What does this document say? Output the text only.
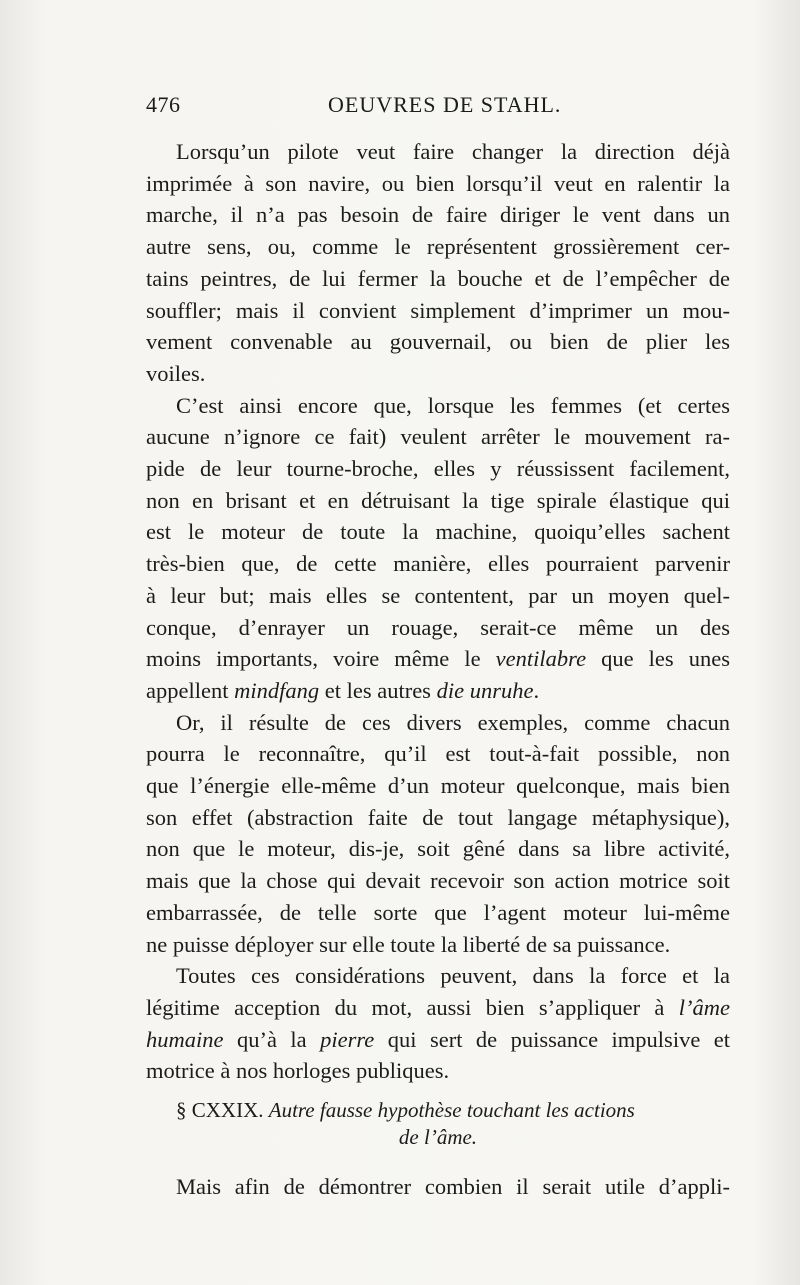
476	OEUVRES DE STAHL.
Lorsqu’un pilote veut faire changer la direction déjà
imprimée à son navire, ou bien lorsqu’il veut en ralentir la
marche, il n’a pas besoin de faire diriger le vent dans un
autre sens, ou, comme le représentent grossièrement cer-
tains peintres, de lui fermer la bouche et de l’empêcher de
souffler; mais il convient simplement d’imprimer un mou-
vement convenable au gouvernail, ou bien de plier les
voiles.
C’est ainsi encore que, lorsque les femmes (et certes
aucune n’ignore ce fait) veulent arrêter le mouvement ra-
pide de leur tourne-broche, elles y réussissent facilement,
non en brisant et en détruisant la tige spirale élastique qui
est le moteur de toute la machine, quoiqu’elles sachent
très-bien que, de cette manière, elles pourraient parvenir
à leur but; mais elles se contentent, par un moyen quel-
conque, d’enrayer un rouage, serait-ce même un des
moins importants, voire même le ventilabre que les unes
appellent mindfang et les autres die unruhe.
Or, il résulte de ces divers exemples, comme chacun
pourra le reconnaître, qu’il est tout-à-fait possible, non
que l’énergie elle-même d’un moteur quelconque, mais bien
son effet (abstraction faite de tout langage métaphysique),
non que le moteur, dis-je, soit gêné dans sa libre activité,
mais que la chose qui devait recevoir son action motrice soit
embarrassée, de telle sorte que l’agent moteur lui-même
ne puisse déployer sur elle toute la liberté de sa puissance.
Toutes ces considérations peuvent, dans la force et la
légitime acception du mot, aussi bien s’appliquer à l’âme
humaine qu’à la pierre qui sert de puissance impulsive et
motrice à nos horloges publiques.
§ CXXIX. Autre fausse hypothèse touchant les actions
de l’âme.
Mais afin de démontrer combien il serait utile d’appli-
